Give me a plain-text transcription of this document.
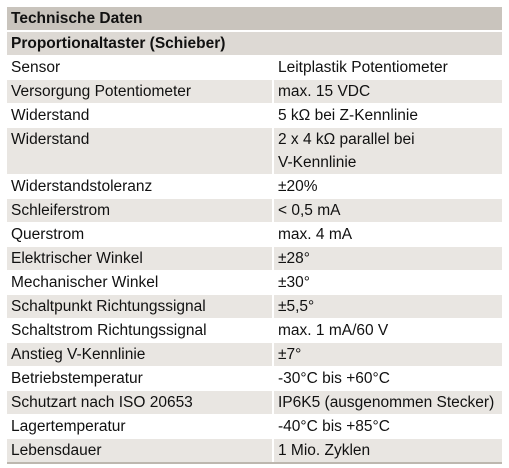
Technische Daten
Proportionaltaster (Schieber)
Sensor	Leitplastik Potentiometer
Versorgung Potentiometer	max. 15 VDC
Widerstand	5 kΩ bei Z-Kennlinie
Widerstand	2 x 4 kΩ parallel bei
V-Kennlinie
Widerstandstoleranz	±20%
Schleiferstrom	< 0,5 mA
Querstrom	max. 4 mA
Elektrischer Winkel	±28°
Mechanischer Winkel	±30°
Schaltpunkt Richtungssignal	±5,5°
Schaltstrom Richtungssignal	max. 1 mA/60 V
Anstieg V-Kennlinie	±7°
Betriebstemperatur	-30°C bis +60°C
Schutzart nach ISO 20653	IP6K5 (ausgenommen Stecker)
Lagertemperatur	-40°C bis +85°C
Lebensdauer	1 Mio. Zyklen
